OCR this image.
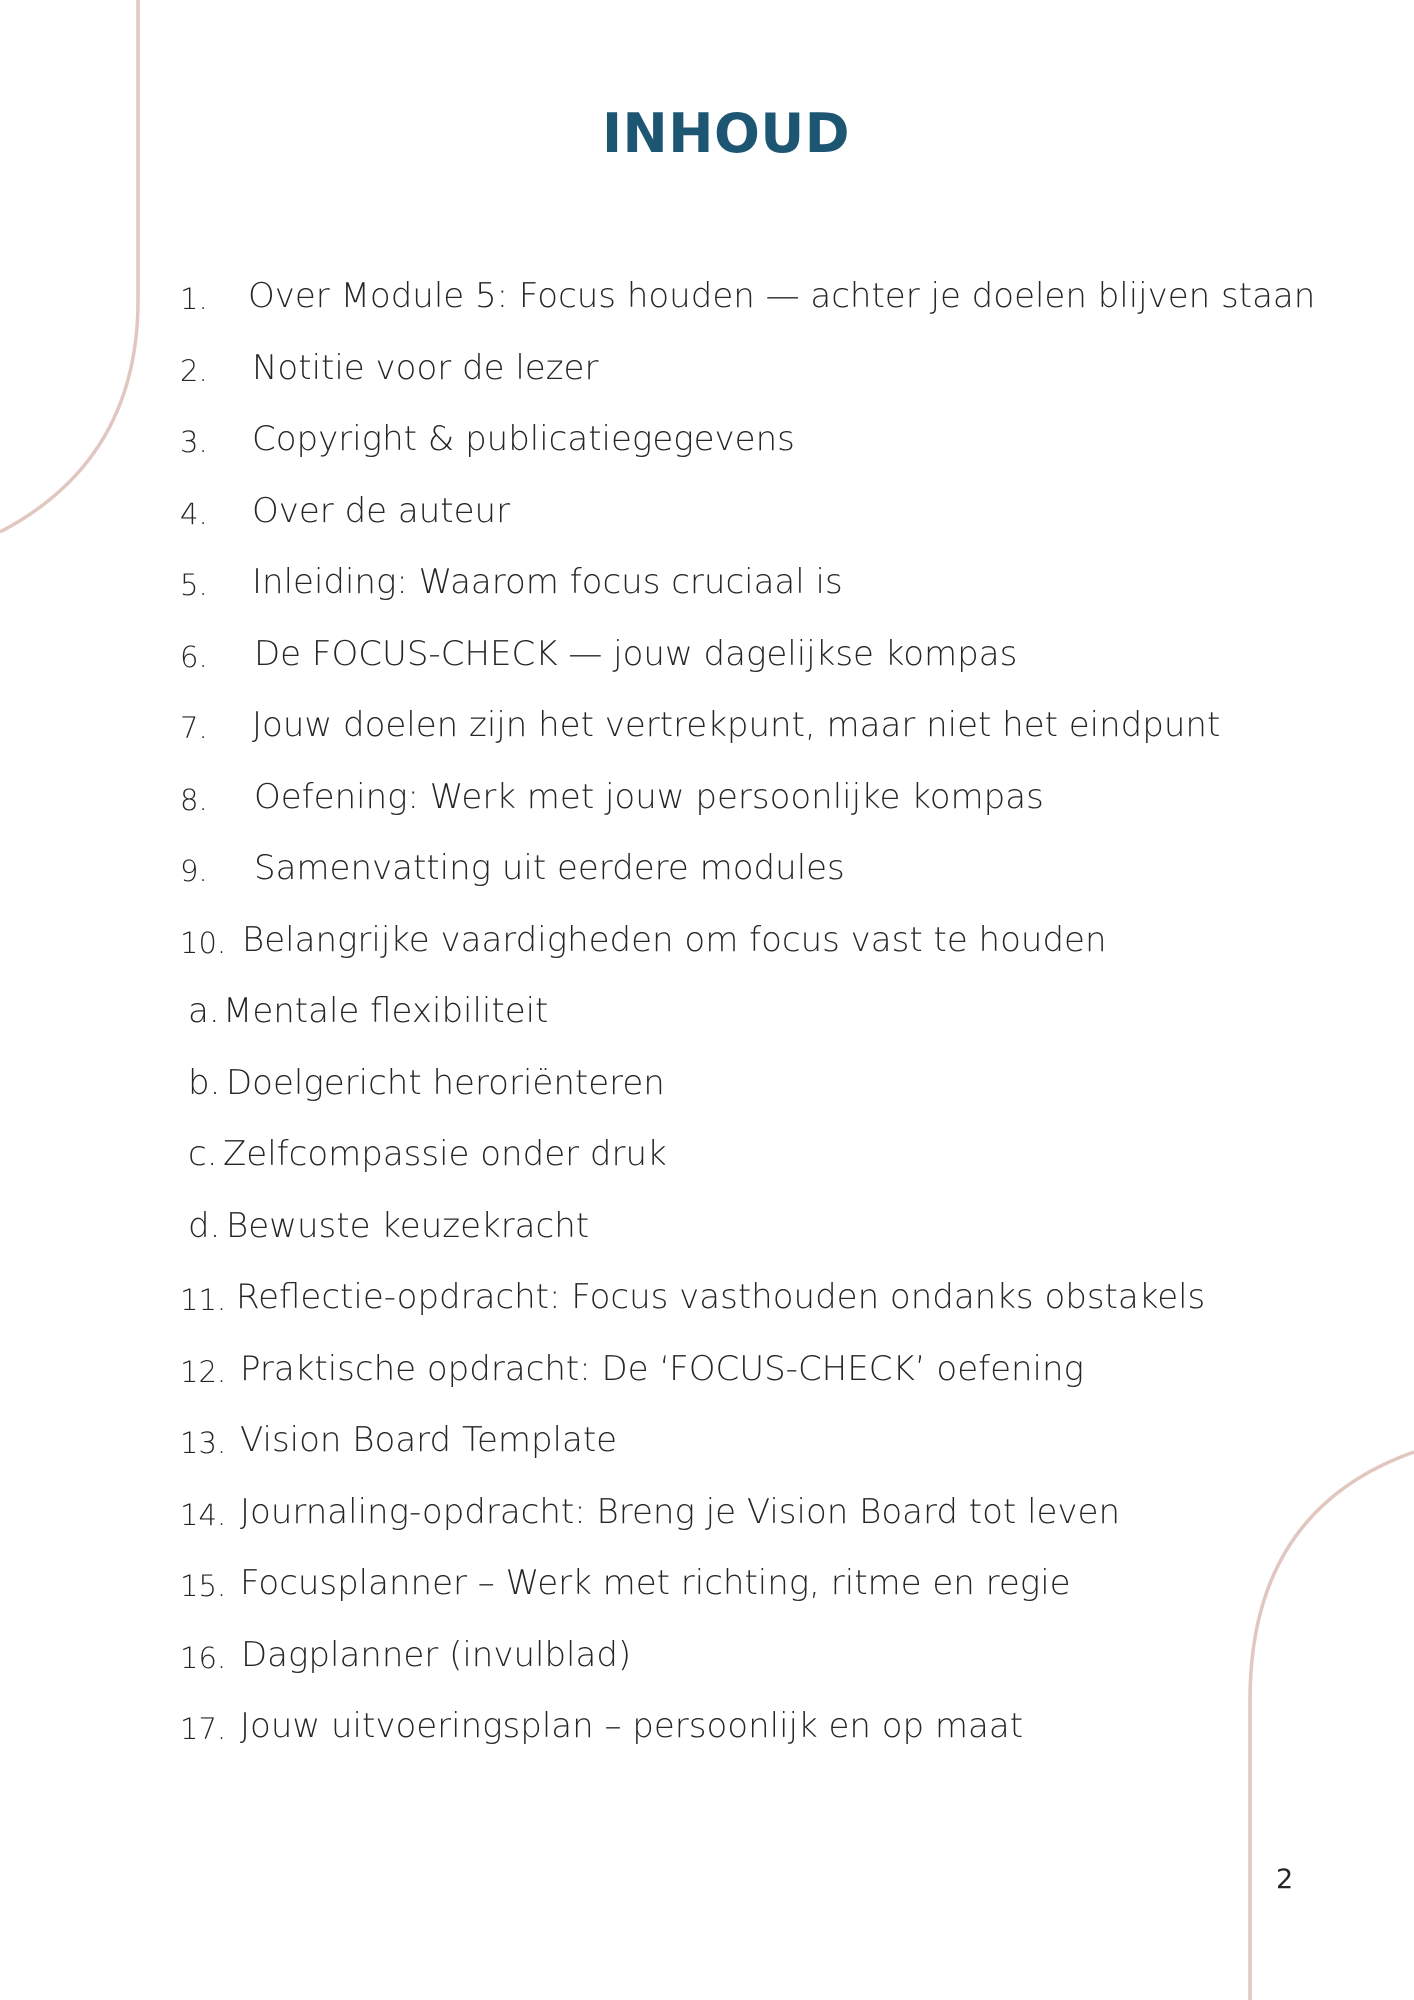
INHOUD
1. Over Module 5: Focus houden — achter je doelen blijven staan
2. Notitie voor de lezer
3. Copyright & publicatiegegevens
4. Over de auteur
5. Inleiding: Waarom focus cruciaal is
6. De FOCUS-CHECK — jouw dagelijkse kompas
7. Jouw doelen zijn het vertrekpunt, maar niet het eindpunt
8. Oefening: Werk met jouw persoonlijke kompas
9. Samenvatting uit eerdere modules
10. Belangrijke vaardigheden om focus vast te houden
a. Mentale flexibiliteit
b. Doelgericht heroriënteren
c. Zelfcompassie onder druk
d. Bewuste keuzekracht
11. Reflectie-opdracht: Focus vasthouden ondanks obstakels
12. Praktische opdracht: De ‘FOCUS-CHECK’ oefening
13. Vision Board Template
14. Journaling-opdracht: Breng je Vision Board tot leven
15. Focusplanner – Werk met richting, ritme en regie
16. Dagplanner (invulblad)
17. Jouw uitvoeringsplan – persoonlijk en op maat
2
